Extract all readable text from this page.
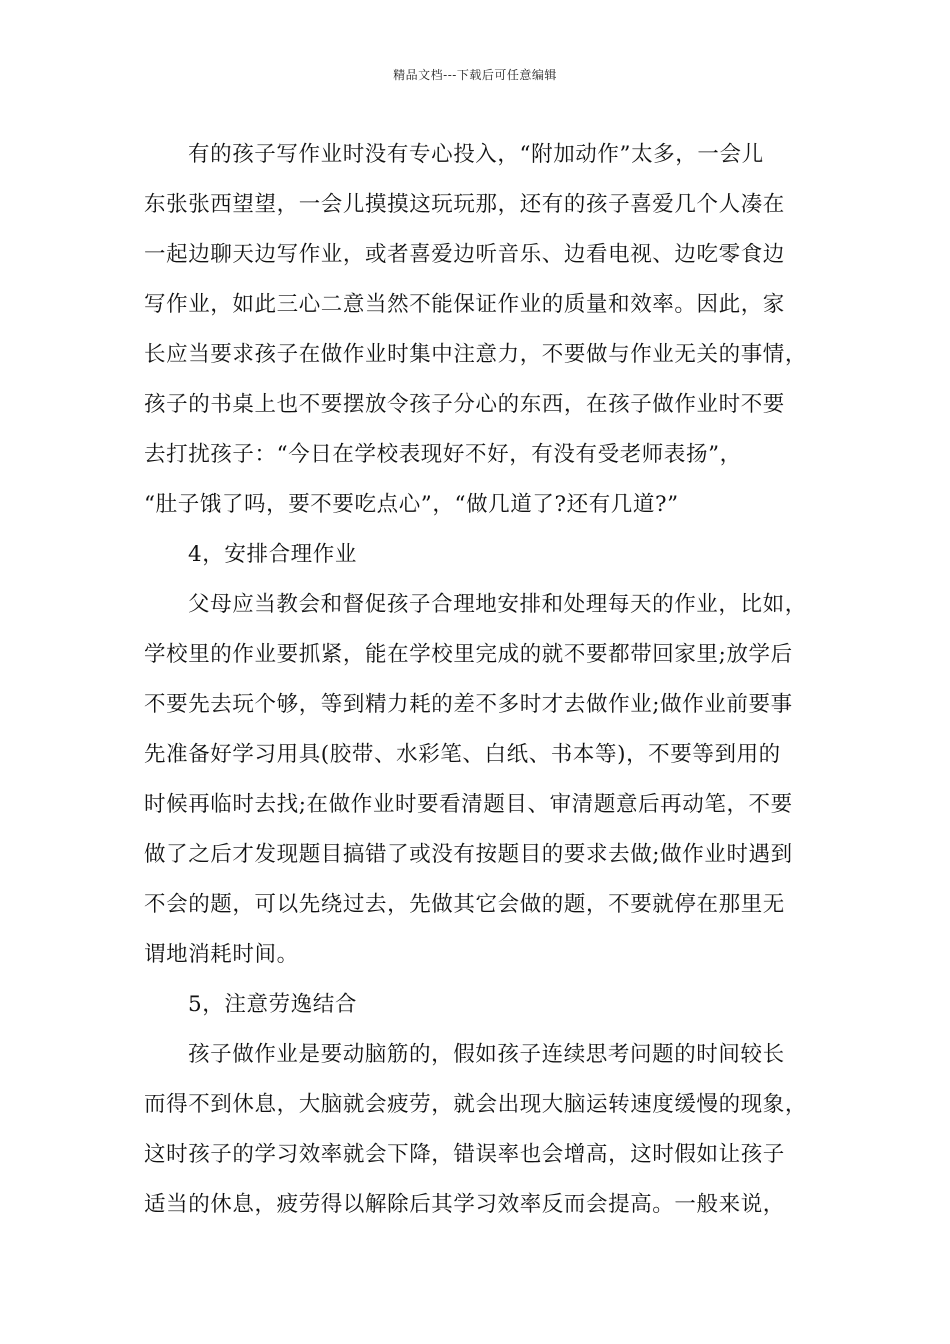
精品文档---下载后可任意编辑
有的孩子写作业时没有专心投入，“附加动作”太多，一会儿
东张张西望望，一会儿摸摸这玩玩那，还有的孩子喜爱几个人凑在
一起边聊天边写作业，或者喜爱边听音乐、边看电视、边吃零食边
写作业，如此三心二意当然不能保证作业的质量和效率。因此，家
长应当要求孩子在做作业时集中注意力，不要做与作业无关的事情，
孩子的书桌上也不要摆放令孩子分心的东西，在孩子做作业时不要
去打扰孩子：“今日在学校表现好不好，有没有受老师表扬”，
“肚子饿了吗，要不要吃点心”，“做几道了?还有几道?”
4，安排合理作业
父母应当教会和督促孩子合理地安排和处理每天的作业，比如，
学校里的作业要抓紧，能在学校里完成的就不要都带回家里;放学后
不要先去玩个够，等到精力耗的差不多时才去做作业;做作业前要事
先准备好学习用具(胶带、水彩笔、白纸、书本等)，不要等到用的
时候再临时去找;在做作业时要看清题目、审清题意后再动笔，不要
做了之后才发现题目搞错了或没有按题目的要求去做;做作业时遇到
不会的题，可以先绕过去，先做其它会做的题，不要就停在那里无
谓地消耗时间。
5，注意劳逸结合
孩子做作业是要动脑筋的，假如孩子连续思考问题的时间较长
而得不到休息，大脑就会疲劳，就会出现大脑运转速度缓慢的现象，
这时孩子的学习效率就会下降，错误率也会增高，这时假如让孩子
适当的休息，疲劳得以解除后其学习效率反而会提高。一般来说，
